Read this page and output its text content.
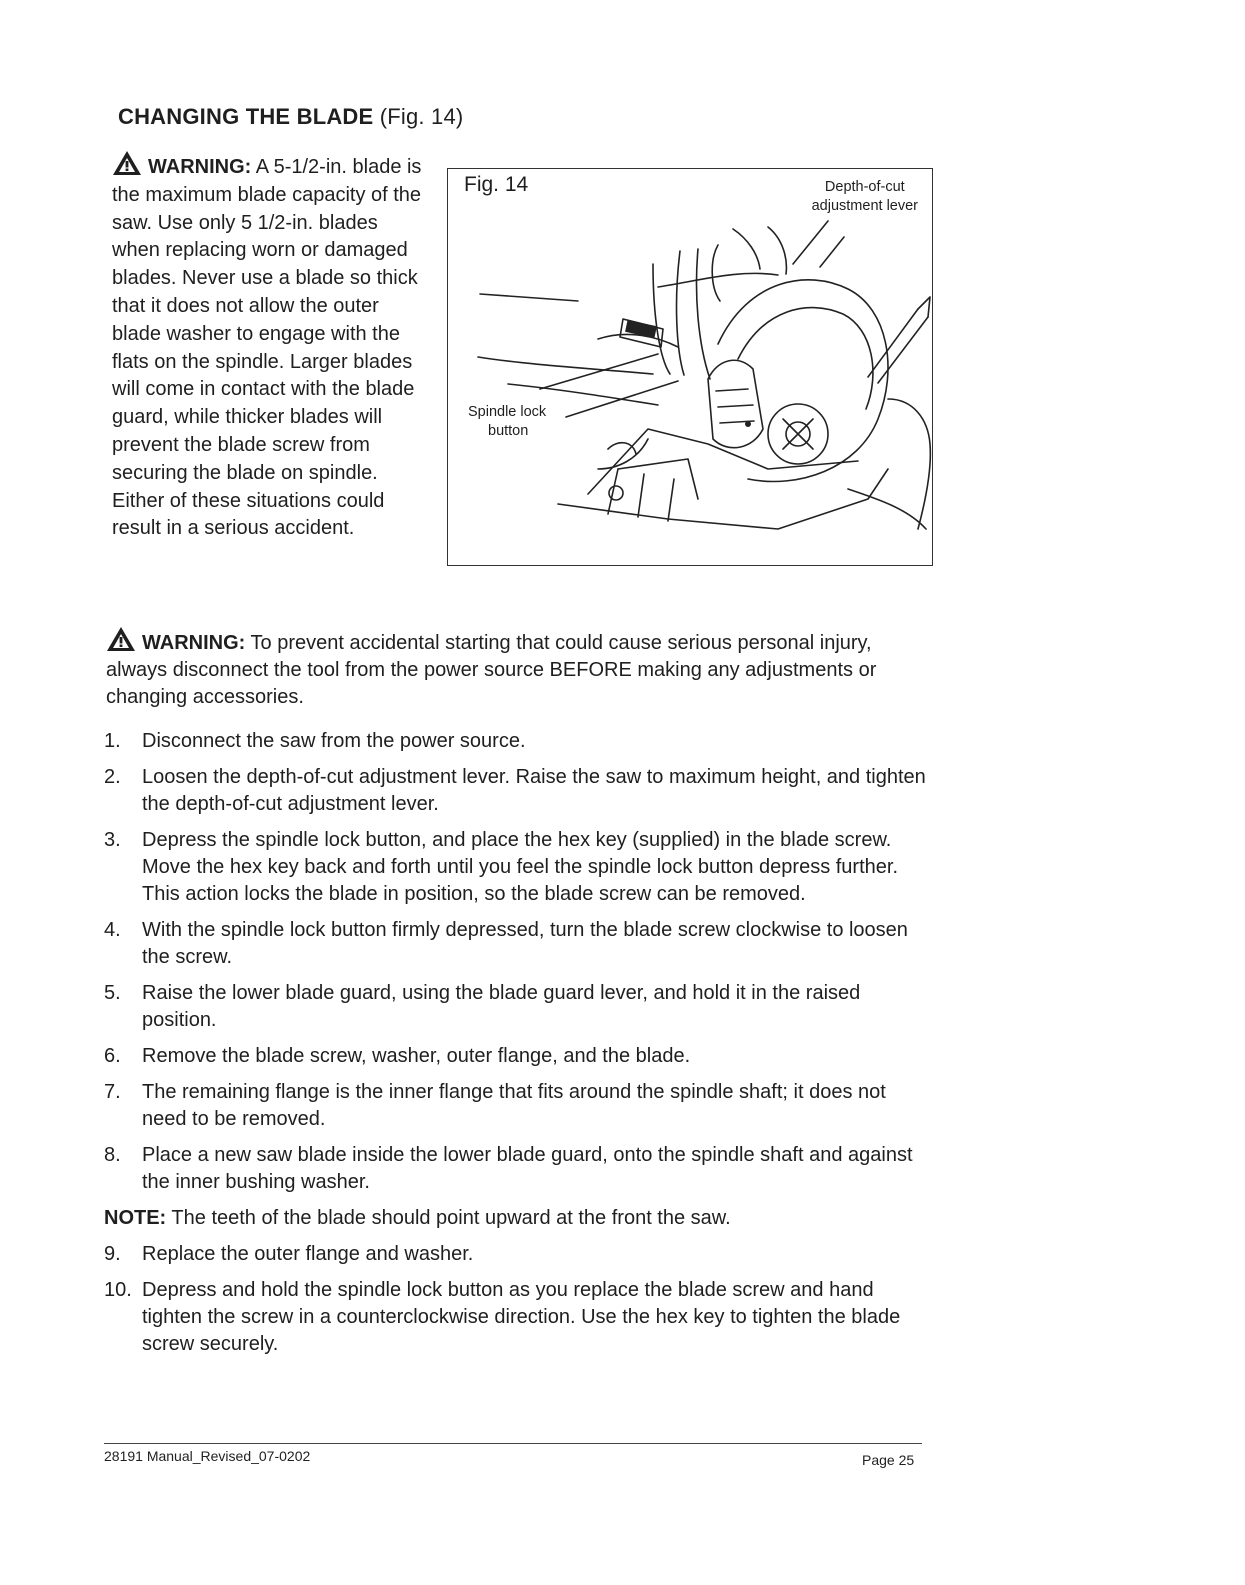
CHANGING THE BLADE (Fig. 14)
WARNING: A 5-1/2-in. blade is the maximum blade capacity of the saw. Use only 5 1/2-in. blades when replacing worn or damaged blades. Never use a blade so thick that it does not allow the outer blade washer to engage with the flats on the spindle. Larger blades will come in contact with the blade guard, while thicker blades will prevent the blade screw from securing the blade on spindle. Either of these situations could result in a serious accident.
Fig. 14	Depth-of-cut
adjustment lever
Spindle lock
button
WARNING: To prevent accidental starting that could cause serious personal injury, always disconnect the tool from the power source BEFORE making any adjustments or changing accessories.
1. Disconnect the saw from the power source.
2. Loosen the depth-of-cut adjustment lever. Raise the saw to maximum height, and tighten the depth-of-cut adjustment lever.
3. Depress the spindle lock button, and place the hex key (supplied) in the blade screw. Move the hex key back and forth until you feel the spindle lock button depress further. This action locks the blade in position, so the blade screw can be removed.
4. With the spindle lock button firmly depressed, turn the blade screw clockwise to loosen the screw.
5. Raise the lower blade guard, using the blade guard lever, and hold it in the raised position.
6. Remove the blade screw, washer, outer flange, and the blade.
7. The remaining flange is the inner flange that fits around the spindle shaft; it does not need to be removed.
8. Place a new saw blade inside the lower blade guard, onto the spindle shaft and against the inner bushing washer.
NOTE: The teeth of the blade should point upward at the front the saw.
9. Replace the outer flange and washer.
10. Depress and hold the spindle lock button as you replace the blade screw and hand tighten the screw in a counterclockwise direction. Use the hex key to tighten the blade screw securely.
28191 Manual_Revised_07-0202	Page 25
